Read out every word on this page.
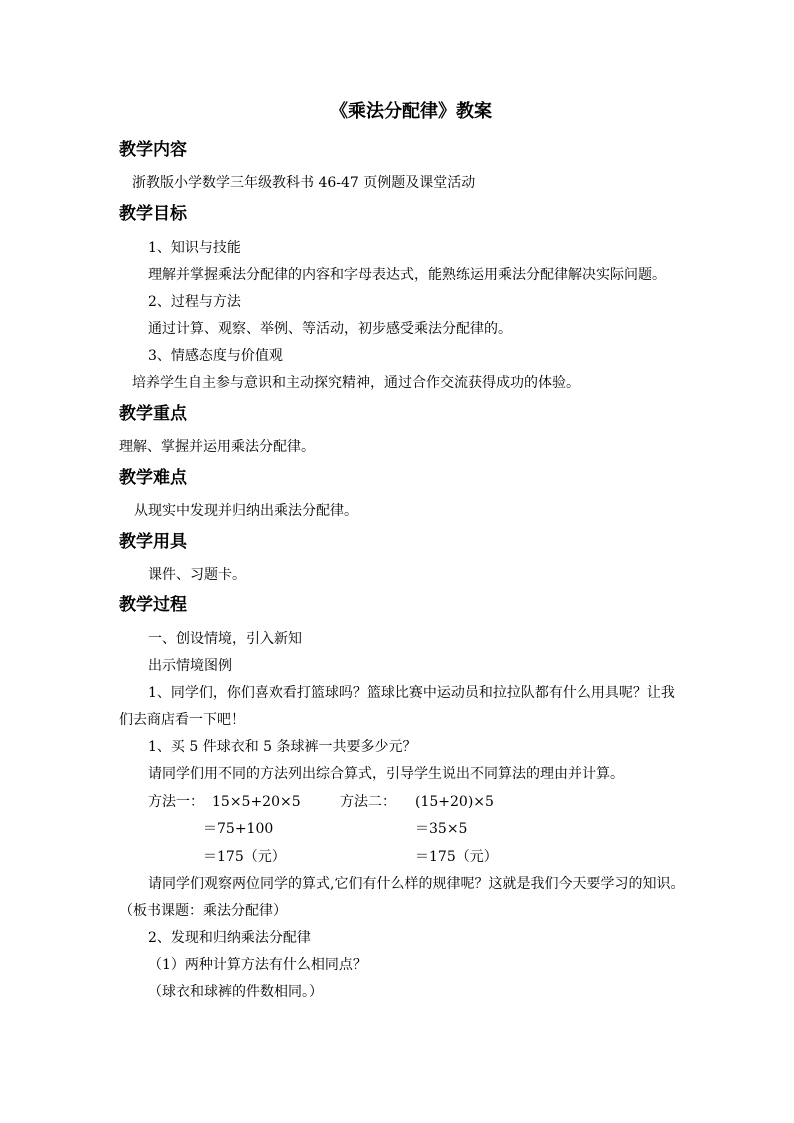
《乘法分配律》教案
教学内容
浙教版小学数学三年级教科书 46-47 页例题及课堂活动
教学目标
1、知识与技能
理解并掌握乘法分配律的内容和字母表达式，能熟练运用乘法分配律解决实际问题。
2、过程与方法
通过计算、观察、举例、等活动，初步感受乘法分配律的。
3、情感态度与价值观
培养学生自主参与意识和主动探究精神，通过合作交流获得成功的体验。
教学重点
理解、掌握并运用乘法分配律。
教学难点
从现实中发现并归纳出乘法分配律。
教学用具
课件、习题卡。
教学过程
一、创设情境，引入新知
出示情境图例
1、同学们，你们喜欢看打篮球吗？篮球比赛中运动员和拉拉队都有什么用具呢？让我
们去商店看一下吧！
1、买 5 件球衣和 5 条球裤一共要多少元？
请同学们用不同的方法列出综合算式，引导学生说出不同算法的理由并计算。
方法一： 15×5+20×5	方法二： (15+20)×5
＝75+100	＝35×5
＝175（元）	＝175（元）
请同学们观察两位同学的算式,它们有什么样的规律呢？这就是我们今天要学习的知识。
（板书课题：乘法分配律）
2、发现和归纳乘法分配律
（1）两种计算方法有什么相同点？
（球衣和球裤的件数相同。）
